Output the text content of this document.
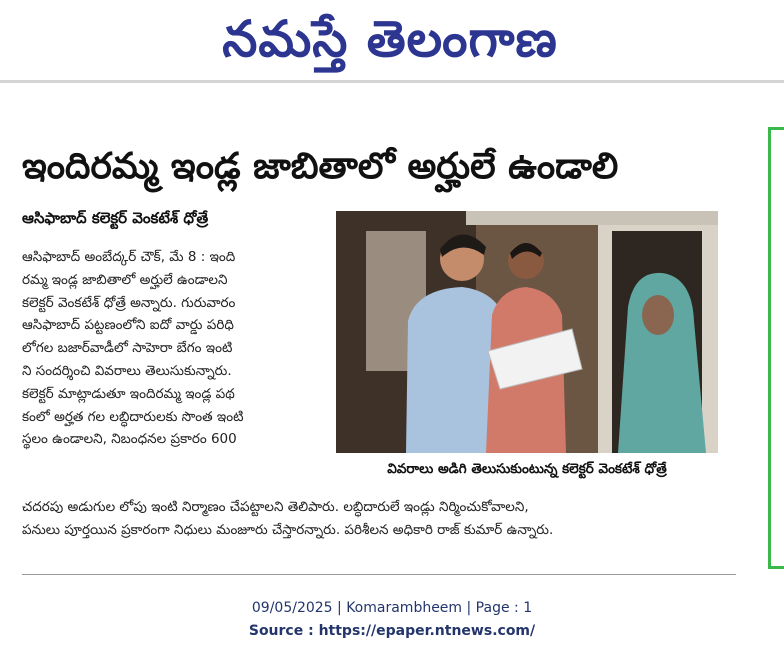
నమస్తే తెలంగాణ
ఇందిరమ్మ ఇండ్ల జాబితాలో అర్హులే ఉండాలి
ఆసిఫాబాద్ కలెక్టర్ వెంకటేశ్ ధోత్రే
ఆసిఫాబాద్ అంబేద్కర్ చౌక్, మే 8 : ఇంది
రమ్మ ఇండ్ల జాబితాలో అర్హులే ఉండాలని
కలెక్టర్ వెంకటేశ్ ధోత్రే అన్నారు. గురువారం
ఆసిఫాబాద్ పట్టణంలోని ఐదో వార్డు పరిధి
లోగల బజార్‌వాడీలో సాహెరా బేగం ఇంటి
ని సందర్శించి వివరాలు తెలుసుకున్నారు.
కలెక్టర్ మాట్లాడుతూ ఇందిరమ్మ ఇండ్ల పథ
కంలో అర్హత గల లబ్ధిదారులకు సొంత ఇంటి
స్థలం ఉండాలని, నిబంధనల ప్రకారం 600
వివరాలు అడిగి తెలుసుకుంటున్న కలెక్టర్ వెంకటేశ్ ధోత్రే
చదరపు అడుగుల లోపు ఇంటి నిర్మాణం చేపట్టాలని తెలిపారు. లబ్ధిదారులే ఇండ్లు నిర్మించుకోవాలని,
పనులు పూర్తయిన ప్రకారంగా నిధులు మంజూరు చేస్తారన్నారు. పరిశీలన అధికారి రాజ్ కుమార్ ఉన్నారు.
09/05/2025 | Komarambheem | Page : 1
Source : https://epaper.ntnews.com/
